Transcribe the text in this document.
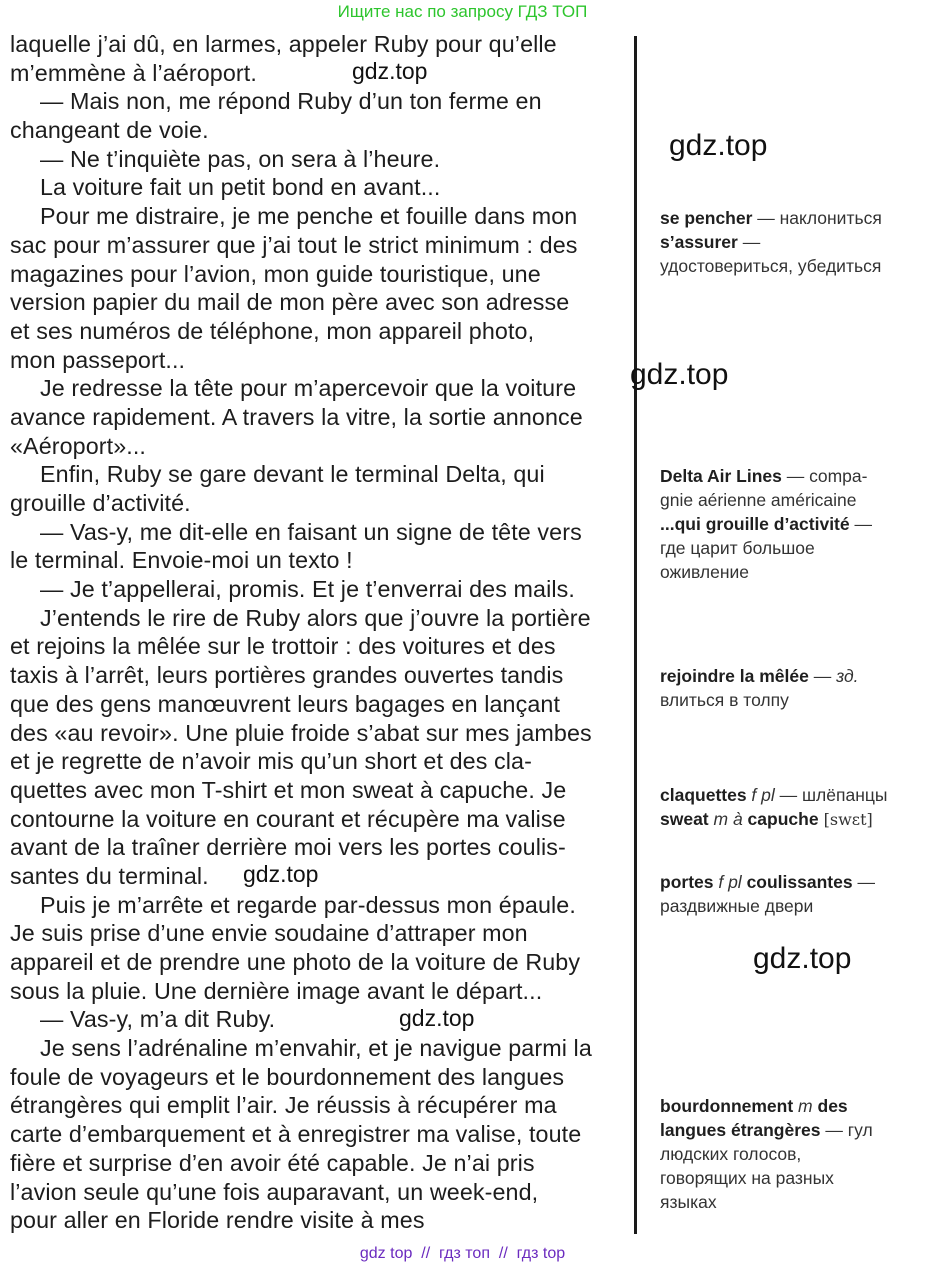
Ищите нас по запросу ГДЗ ТОП
laquelle j’ai dû, en larmes, appeler Ruby pour qu’elle
m’emmène à l’aéroport.
— Mais non, me répond Ruby d’un ton ferme en
changeant de voie.
— Ne t’inquiète pas, on sera à l’heure.
La voiture fait un petit bond en avant...
Pour me distraire, je me penche et fouille dans mon
sac pour m’assurer que j’ai tout le strict minimum : des
magazines pour l’avion, mon guide touristique, une
version papier du mail de mon père avec son adresse
et ses numéros de téléphone, mon appareil photo,
mon passeport...
Je redresse la tête pour m’apercevoir que la voiture
avance rapidement. A travers la vitre, la sortie annonce
«Aéroport»...
Enfin, Ruby se gare devant le terminal Delta, qui
grouille d’activité.
— Vas-y, me dit-elle en faisant un signe de tête vers
le terminal. Envoie-moi un texto !
— Je t’appellerai, promis. Et je t’enverrai des mails.
J’entends le rire de Ruby alors que j’ouvre la portière
et rejoins la mêlée sur le trottoir : des voitures et des
taxis à l’arrêt, leurs portières grandes ouvertes tandis
que des gens manœuvrent leurs bagages en lançant
des «au revoir». Une pluie froide s’abat sur mes jambes
et je regrette de n’avoir mis qu’un short et des cla-
quettes avec mon T-shirt et mon sweat à capuche. Je
contourne la voiture en courant et récupère ma valise
avant de la traîner derrière moi vers les portes coulis-
santes du terminal.
Puis je m’arrête et regarde par-dessus mon épaule.
Je suis prise d’une envie soudaine d’attraper mon
appareil et de prendre une photo de la voiture de Ruby
sous la pluie. Une dernière image avant le départ...
— Vas-y, m’a dit Ruby.
Je sens l’adrénaline m’envahir, et je navigue parmi la
foule de voyageurs et le bourdonnement des langues
étrangères qui emplit l’air. Je réussis à récupérer ma
carte d’embarquement et à enregistrer ma valise, toute
fière et surprise d’en avoir été capable. Je n’ai pris
l’avion seule qu’une fois auparavant, un week-end,
pour aller en Floride rendre visite à mes
se pencher — наклониться
s’assurer —
удостовериться, убедиться
Delta Air Lines — compa-
gnie aérienne américaine
...qui grouille d’activité —
где царит большое
оживление
rejoindre la mêlée — зд.
влиться в толпу
claquettes f pl — шлёпанцы
sweat m à capuche [swɛt]
portes f pl coulissantes —
раздвижные двери
bourdonnement m des
langues étrangères — гул
людских голосов,
говорящих на разных
языках
gdz.top
gdz.top
gdz.top
gdz.top
gdz.top
gdz.top
gdz top  //  гдз топ  //  гдз top
